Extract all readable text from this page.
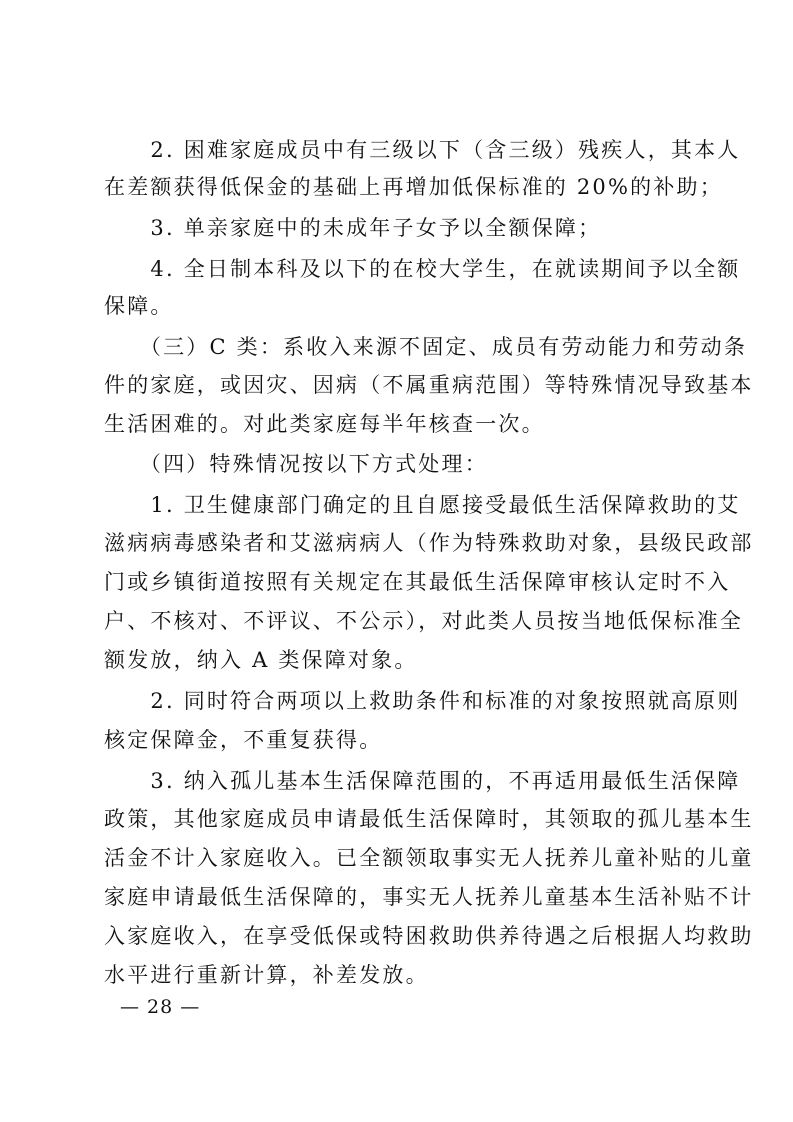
　　2. 困难家庭成员中有三级以下（含三级）残疾人，其本人
在差额获得低保金的基础上再增加低保标准的 20%的补助；
　　3. 单亲家庭中的未成年子女予以全额保障；
　　4. 全日制本科及以下的在校大学生，在就读期间予以全额
保障。
　　（三）C 类：系收入来源不固定、成员有劳动能力和劳动条
件的家庭，或因灾、因病（不属重病范围）等特殊情况导致基本
生活困难的。对此类家庭每半年核查一次。
　　（四）特殊情况按以下方式处理：
　　1. 卫生健康部门确定的且自愿接受最低生活保障救助的艾
滋病病毒感染者和艾滋病病人（作为特殊救助对象，县级民政部
门或乡镇街道按照有关规定在其最低生活保障审核认定时不入
户、不核对、不评议、不公示），对此类人员按当地低保标准全
额发放，纳入 A 类保障对象。
　　2. 同时符合两项以上救助条件和标准的对象按照就高原则
核定保障金，不重复获得。
　　3. 纳入孤儿基本生活保障范围的，不再适用最低生活保障
政策，其他家庭成员申请最低生活保障时，其领取的孤儿基本生
活金不计入家庭收入。已全额领取事实无人抚养儿童补贴的儿童
家庭申请最低生活保障的，事实无人抚养儿童基本生活补贴不计
入家庭收入，在享受低保或特困救助供养待遇之后根据人均救助
水平进行重新计算，补差发放。
— 28 —
